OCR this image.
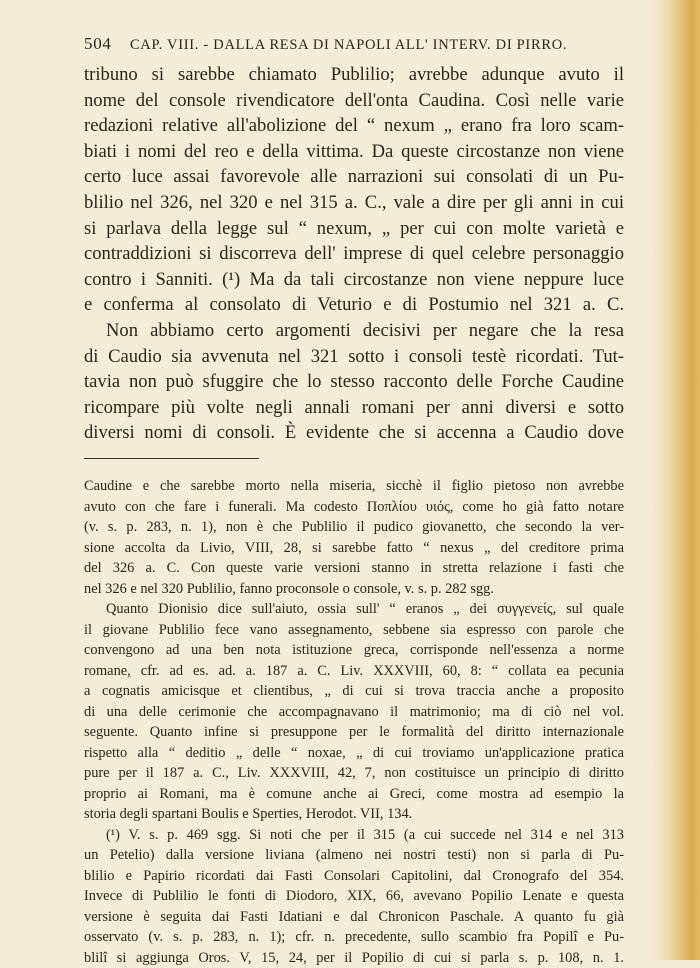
504 CAP. VIII. - DALLA RESA DI NAPOLI ALL' INTERV. DI PIRRO.
tribuno si sarebbe chiamato Publilio; avrebbe adunque avuto il
nome del console rivendicatore dell'onta Caudina. Così nelle varie
redazioni relative all'abolizione del “ nexum „ erano fra loro scam-
biati i nomi del reo e della vittima. Da queste circostanze non viene
certo luce assai favorevole alle narrazioni sui consolati di un Pu-
blilio nel 326, nel 320 e nel 315 a. C., vale a dire per gli anni in cui
si parlava della legge sul “ nexum, „ per cui con molte varietà e
contraddizioni si discorreva dell' imprese di quel celebre personaggio
contro i Sanniti. (¹) Ma da tali circostanze non viene neppure luce
e conferma al consolato di Veturio e di Postumio nel 321 a. C.
Non abbiamo certo argomenti decisivi per negare che la resa
di Caudio sia avvenuta nel 321 sotto i consoli testè ricordati. Tut-
tavia non può sfuggire che lo stesso racconto delle Forche Caudine
ricompare più volte negli annali romani per anni diversi e sotto
diversi nomi di consoli. È evidente che si accenna a Caudio dove
Caudine e che sarebbe morto nella miseria, sicchè il figlio pietoso non avrebbe
avuto con che fare i funerali. Ma codesto Ποπλίου υιός, come ho già fatto notare
(v. s. p. 283, n. 1), non è che Publilio il pudico giovanetto, che secondo la ver-
sione accolta da Livio, VIII, 28, si sarebbe fatto “ nexus „ del creditore prima
del 326 a. C. Con queste varie versioni stanno in stretta relazione i fasti che
nel 326 e nel 320 Publilio, fanno proconsole o console, v. s. p. 282 sgg.
Quanto Dionisio dice sull'aiuto, ossia sull' “ eranos „ dei συγγενείς, sul quale
il giovane Publilio fece vano assegnamento, sebbene sia espresso con parole che
convengono ad una ben nota istituzione greca, corrisponde nell'essenza a norme
romane, cfr. ad es. ad. a. 187 a. C. Liv. XXXVIII, 60, 8: “ collata ea pecunia
a cognatis amicisque et clientibus, „ di cui si trova traccia anche a proposito
di una delle cerimonie che accompagnavano il matrimonio; ma di ciò nel vol.
seguente. Quanto infine si presuppone per le formalità del diritto internazionale
rispetto alla “ deditio „ delle “ noxae, „ di cui troviamo un'applicazione pratica
pure per il 187 a. C., Liv. XXXVIII, 42, 7, non costituisce un principio di diritto
proprio ai Romani, ma è comune anche ai Greci, come mostra ad esempio la
storia degli spartani Boulis e Sperties, Herodot. VII, 134.
(¹) V. s. p. 469 sgg. Si noti che per il 315 (a cui succede nel 314 e nel 313
un Petelio) dalla versione liviana (almeno nei nostri testi) non si parla di Pu-
blilio e Papirio ricordati dai Fasti Consolari Capitolini, dal Cronografo del 354.
Invece di Publilio le fonti di Diodoro, XIX, 66, avevano Popilio Lenate e questa
versione è seguita dai Fasti Idatiani e dal Chronicon Paschale. A quanto fu già
osservato (v. s. p. 283, n. 1); cfr. n. precedente, sullo scambio fra Popilî e Pu-
blilî si aggiunga Oros. V, 15, 24, per il Popilio di cui si parla s. p. 108, n. 1.
